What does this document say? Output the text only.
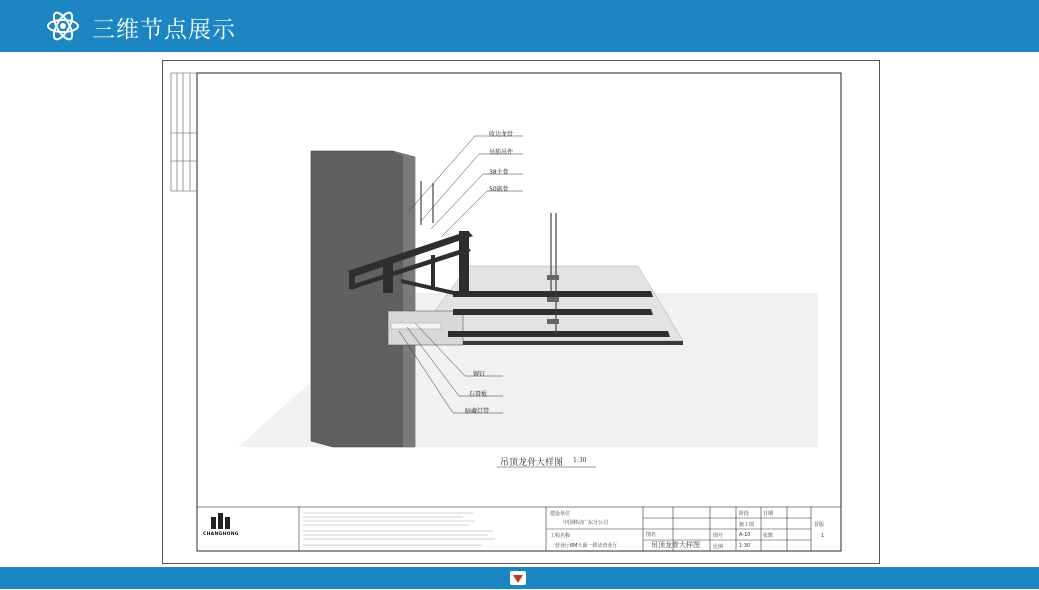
三维节点展示
收边龙骨
吊筋吊件
38主骨
50副骨
铆钉
石膏板
暗藏灯带
吊顶龙骨大样图 1:30
CHANGHONG
建设单位
中国移动广东分公司
工程名称
营业厅6M大面一移动营业厅
图名
吊顶龙骨大样图
阶段
施工图
图号	A-10
比例	1:30
日期
张数
首版
1
